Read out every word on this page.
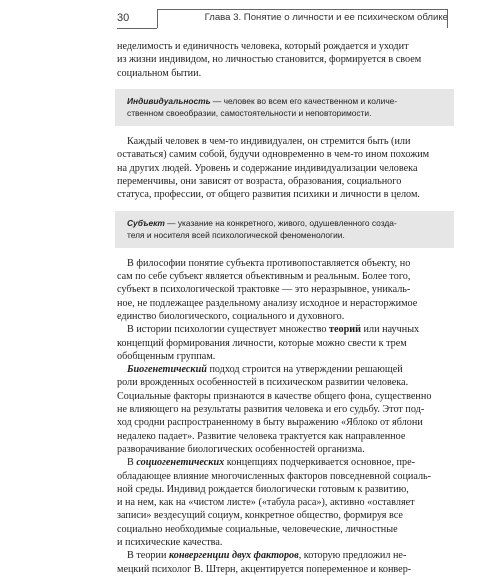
30	Глава 3. Понятие о личности и ее психическом облике
неделимость и единичность человека, который рождается и уходит
из жизни индивидом, но личностью становится, формируется в своем
социальном бытии.
Индивидуальность — человек во всем его качественном и количе-
ственном своеобразии, самостоятельности и неповторимости.
Каждый человек в чем-то индивидуален, он стремится быть (или
оставаться) самим собой, будучи одновременно в чем-то ином похожим
на других людей. Уровень и содержание индивидуализации человека
переменчивы, они зависят от возраста, образования, социального
статуса, профессии, от общего развития психики и личности в целом.
Субъект — указание на конкретного, живого, одушевленного созда-
теля и носителя всей психологической феноменологии.
В философии понятие субъекта противопоставляется объекту, но
сам по себе субъект является объективным и реальным. Более того,
субъект в психологической трактовке — это неразрывное, уникаль-
ное, не подлежащее раздельному анализу исходное и нерасторжимое
единство биологического, социального и духовного.
В истории психологии существует множество теорий или научных
концепций формирования личности, которые можно свести к трем
обобщенным группам.
Биогенетический подход строится на утверждении решающей
роли врожденных особенностей в психическом развитии человека.
Социальные факторы признаются в качестве общего фона, существенно
не влияющего на результаты развития человека и его судьбу. Этот под-
ход сродни распространенному в быту выражению «Яблоко от яблони
недалеко падает». Развитие человека трактуется как направленное
разворачивание биологических особенностей организма.
В социогенетических концепциях подчеркивается основное, пре-
обладающее влияние многочисленных факторов повседневной социаль-
ной среды. Индивид рождается биологически готовым к развитию,
и на нем, как на «чистом листе» («табула раса»), активно «оставляет
записи» вездесущий социум, конкретное общество, формируя все
социально необходимые социальные, человеческие, личностные
и психические качества.
В теории конвергенции двух факторов, которую предложил не-
мецкий психолог В. Штерн, акцентируется попеременное и конвер-
